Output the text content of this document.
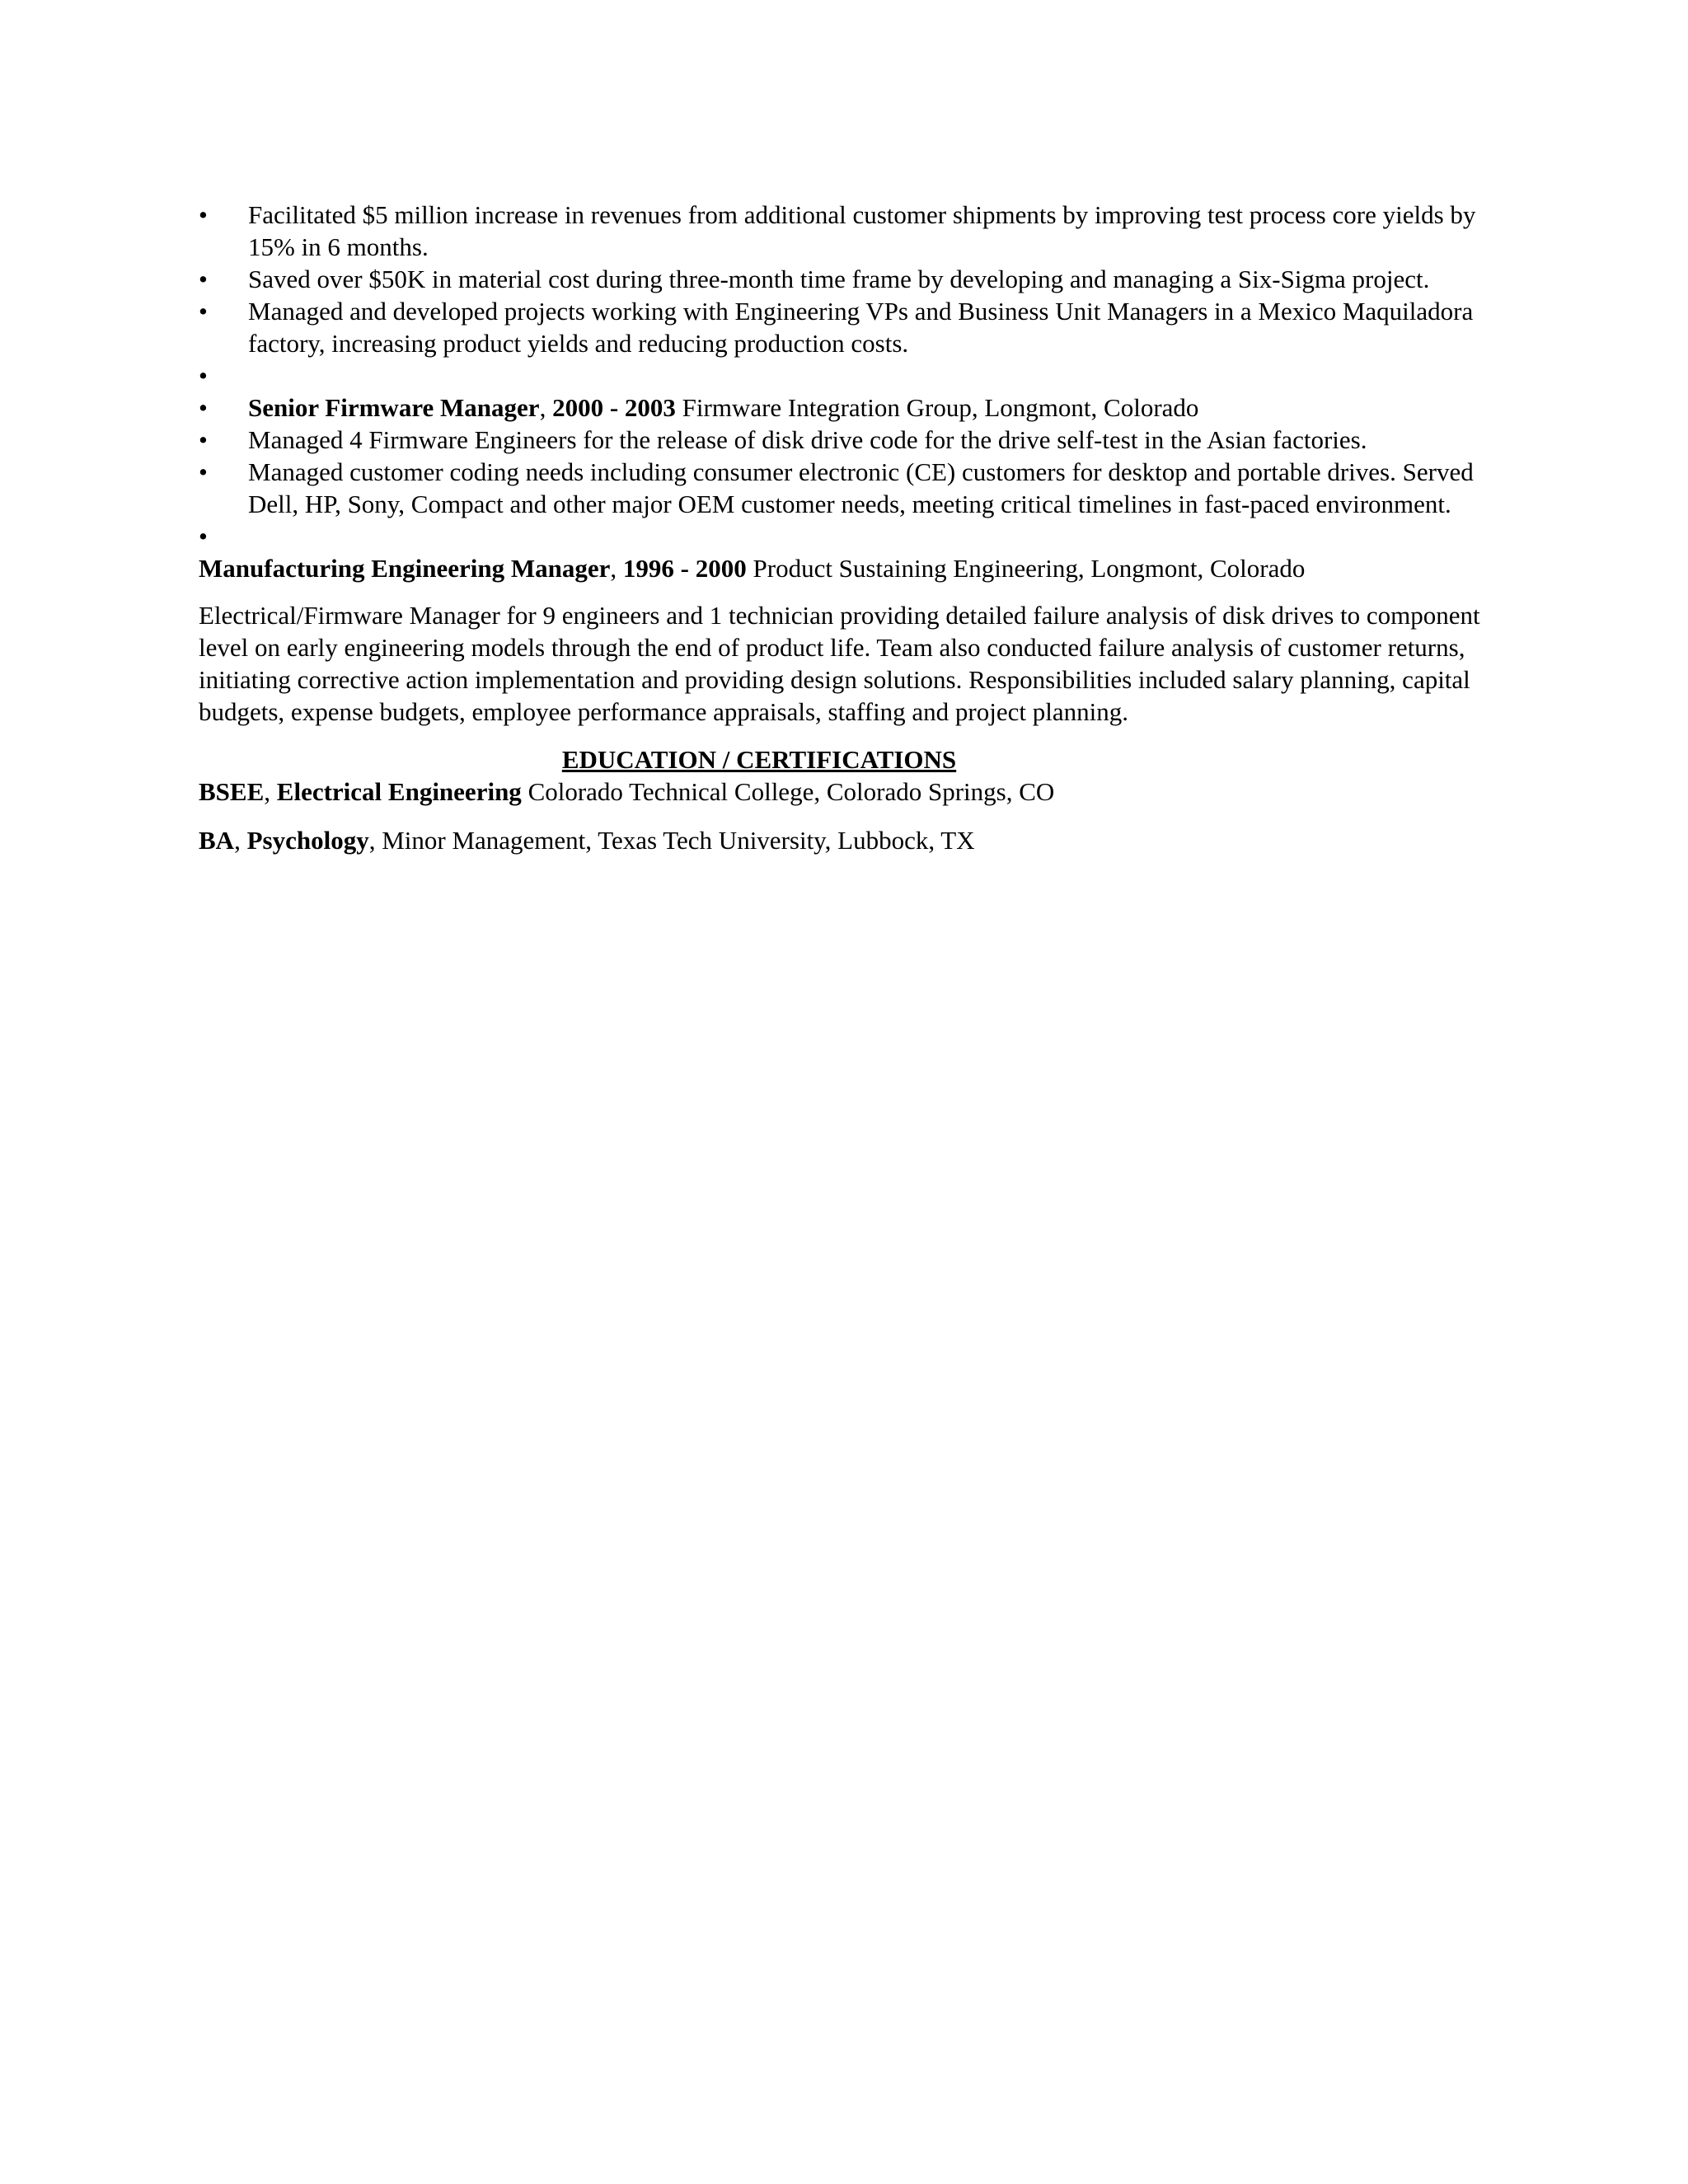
•	Facilitated $5 million increase in revenues from additional customer shipments by improving test process core yields by 15% in 6 months.
•	Saved over $50K in material cost during three-month time frame by developing and managing a Six-Sigma project.
•	Managed and developed projects working with Engineering VPs and Business Unit Managers in a Mexico Maquiladora factory, increasing product yields and reducing production costs.
•
•	Senior Firmware Manager, 2000 - 2003 Firmware Integration Group, Longmont, Colorado
•	Managed 4 Firmware Engineers for the release of disk drive code for the drive self-test in the Asian factories.
•	Managed customer coding needs including consumer electronic (CE) customers for desktop and portable drives. Served Dell, HP, Sony, Compact and other major OEM customer needs, meeting critical timelines in fast-paced environment.
•
Manufacturing Engineering Manager, 1996 - 2000 Product Sustaining Engineering, Longmont, Colorado
Electrical/Firmware Manager for 9 engineers and 1 technician providing detailed failure analysis of disk drives to component level on early engineering models through the end of product life. Team also conducted failure analysis of customer returns, initiating corrective action implementation and providing design solutions. Responsibilities included salary planning, capital budgets, expense budgets, employee performance appraisals, staffing and project planning.
EDUCATION / CERTIFICATIONS
BSEE, Electrical Engineering Colorado Technical College, Colorado Springs, CO
BA, Psychology, Minor Management, Texas Tech University, Lubbock, TX
